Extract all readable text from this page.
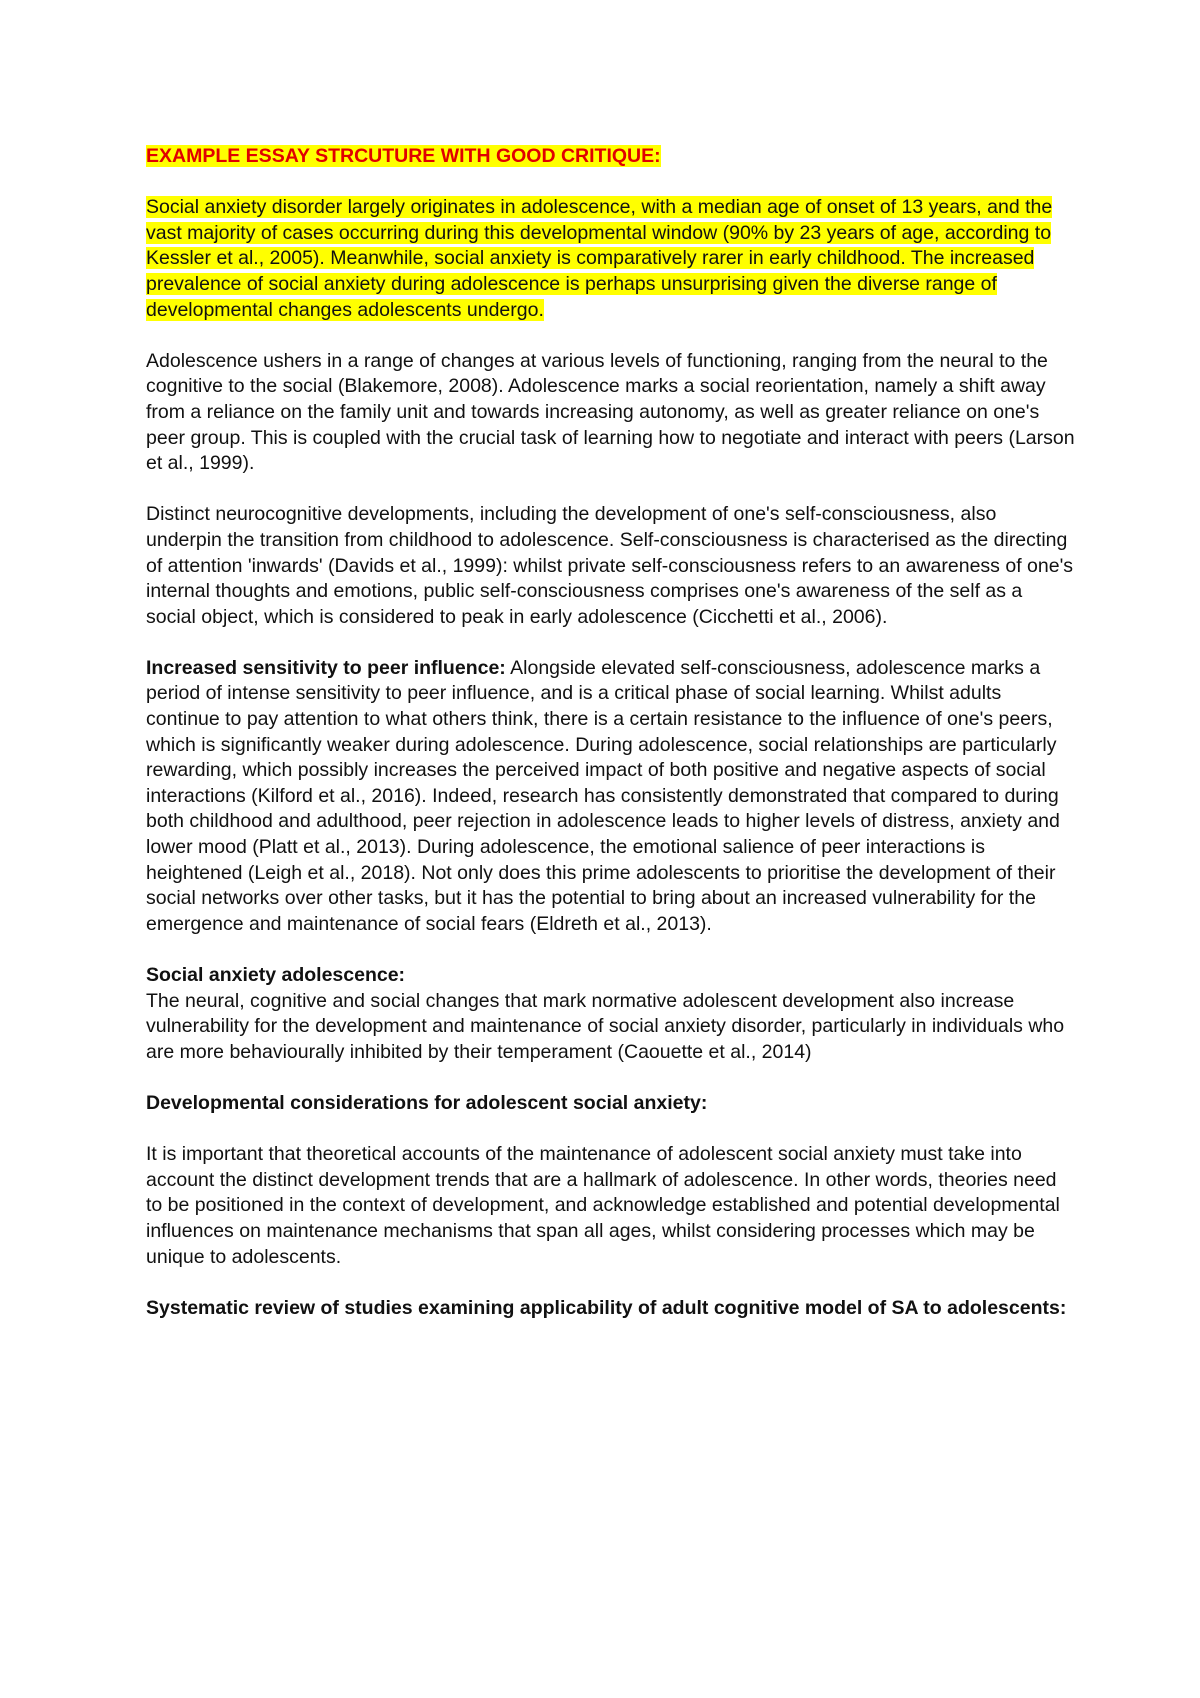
EXAMPLE ESSAY STRCUTURE WITH GOOD CRITIQUE:

Social anxiety disorder largely originates in adolescence, with a median age of onset of 13 years, and the vast majority of cases occurring during this developmental window (90% by 23 years of age, according to Kessler et al., 2005). Meanwhile, social anxiety is comparatively rarer in early childhood. The increased prevalence of social anxiety during adolescence is perhaps unsurprising given the diverse range of developmental changes adolescents undergo.

Adolescence ushers in a range of changes at various levels of functioning, ranging from the neural to the cognitive to the social (Blakemore, 2008). Adolescence marks a social reorientation, namely a shift away from a reliance on the family unit and towards increasing autonomy, as well as greater reliance on one's peer group. This is coupled with the crucial task of learning how to negotiate and interact with peers (Larson et al., 1999).

Distinct neurocognitive developments, including the development of one's self-consciousness, also underpin the transition from childhood to adolescence. Self-consciousness is characterised as the directing of attention 'inwards' (Davids et al., 1999): whilst private self-consciousness refers to an awareness of one's internal thoughts and emotions, public self-consciousness comprises one's awareness of the self as a social object, which is considered to peak in early adolescence (Cicchetti et al., 2006).

Increased sensitivity to peer influence: Alongside elevated self-consciousness, adolescence marks a period of intense sensitivity to peer influence, and is a critical phase of social learning. Whilst adults continue to pay attention to what others think, there is a certain resistance to the influence of one's peers, which is significantly weaker during adolescence. During adolescence, social relationships are particularly rewarding, which possibly increases the perceived impact of both positive and negative aspects of social interactions (Kilford et al., 2016). Indeed, research has consistently demonstrated that compared to during both childhood and adulthood, peer rejection in adolescence leads to higher levels of distress, anxiety and lower mood (Platt et al., 2013). During adolescence, the emotional salience of peer interactions is heightened (Leigh et al., 2018). Not only does this prime adolescents to prioritise the development of their social networks over other tasks, but it has the potential to bring about an increased vulnerability for the emergence and maintenance of social fears (Eldreth et al., 2013).

Social anxiety adolescence:
The neural, cognitive and social changes that mark normative adolescent development also increase vulnerability for the development and maintenance of social anxiety disorder, particularly in individuals who are more behaviourally inhibited by their temperament (Caouette et al., 2014)

Developmental considerations for adolescent social anxiety:

It is important that theoretical accounts of the maintenance of adolescent social anxiety must take into account the distinct development trends that are a hallmark of adolescence. In other words, theories need to be positioned in the context of development, and acknowledge established and potential developmental influences on maintenance mechanisms that span all ages, whilst considering processes which may be unique to adolescents.

Systematic review of studies examining applicability of adult cognitive model of SA to adolescents:
